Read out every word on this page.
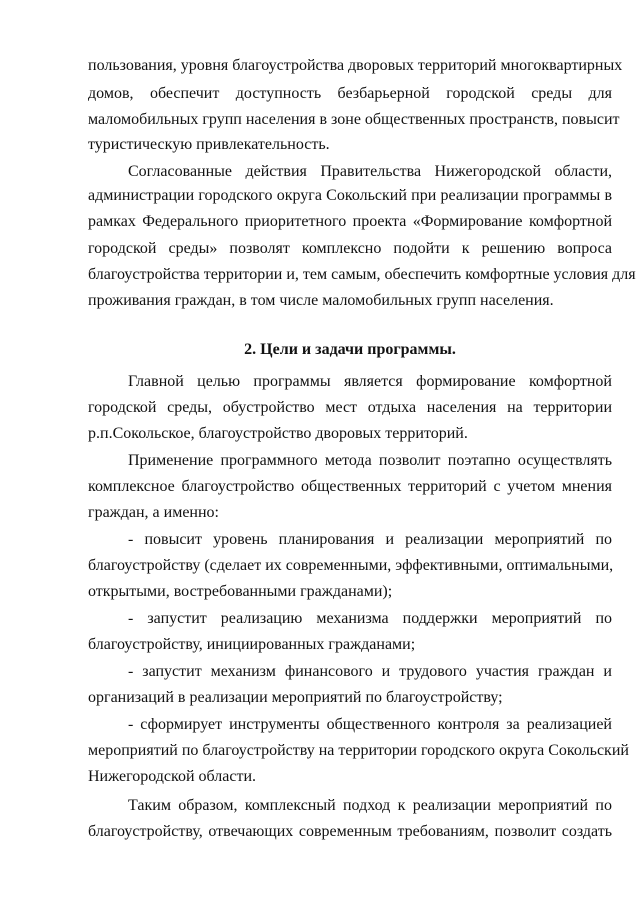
пользования, уровня благоустройства дворовых территорий многоквартирных
домов, обеспечит доступность безбарьерной городской среды для
маломобильных групп населения в зоне общественных пространств, повысит
туристическую привлекательность.
Согласованные действия Правительства Нижегородской области,
администрации городского округа Сокольский при реализации программы в
рамках Федерального приоритетного проекта «Формирование комфортной
городской среды» позволят комплексно подойти к решению вопроса
благоустройства территории и, тем самым, обеспечить комфортные условия для
проживания граждан, в том числе маломобильных групп населения.
2. Цели и задачи программы.
Главной целью программы является формирование комфортной
городской среды, обустройство мест отдыха населения на территории
р.п.Сокольское, благоустройство дворовых территорий.
Применение программного метода позволит поэтапно осуществлять
комплексное благоустройство общественных территорий с учетом мнения
граждан, а именно:
- повысит уровень планирования и реализации мероприятий по
благоустройству (сделает их современными, эффективными, оптимальными,
открытыми, востребованными гражданами);
- запустит реализацию механизма поддержки мероприятий по
благоустройству, инициированных гражданами;
- запустит механизм финансового и трудового участия граждан и
организаций в реализации мероприятий по благоустройству;
- сформирует инструменты общественного контроля за реализацией
мероприятий по благоустройству на территории городского округа Сокольский
Нижегородской области.
Таким образом, комплексный подход к реализации мероприятий по
благоустройству, отвечающих современным требованиям, позволит создать
